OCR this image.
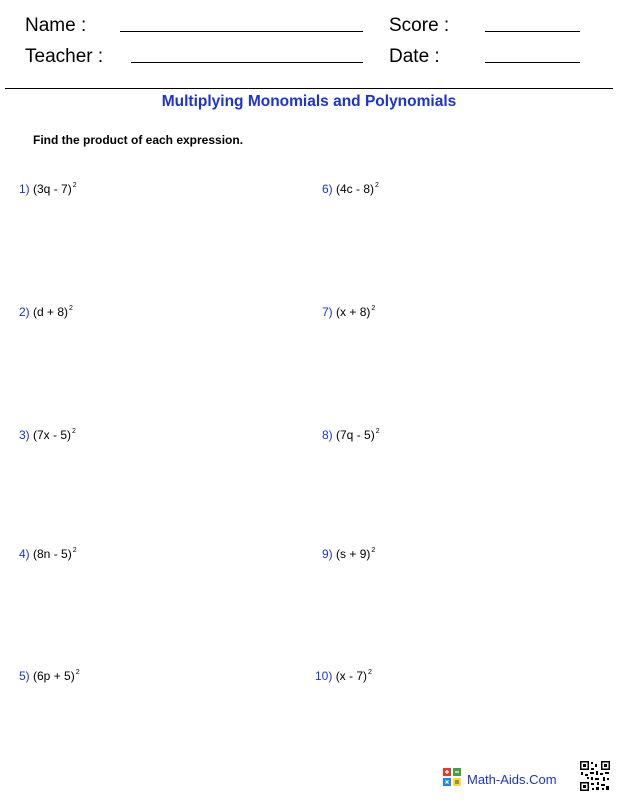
Name :	Score :
Teacher :	Date :
Multiplying Monomials and Polynomials
Find the product of each expression.
1) (3q - 7)$^2$
2) $(d + 8)^2$
3) (7x - 5)$^2$
4) (8n - 5)$^2$
5) $(6p + 5)^2$
6) (4c - 8)$^2$
7) $(x + 8)^2$
8) (7q - 5)$^2$
9) $(s + 9)^2$
10) (x - 7)$^2$
Math-Aids.Com
